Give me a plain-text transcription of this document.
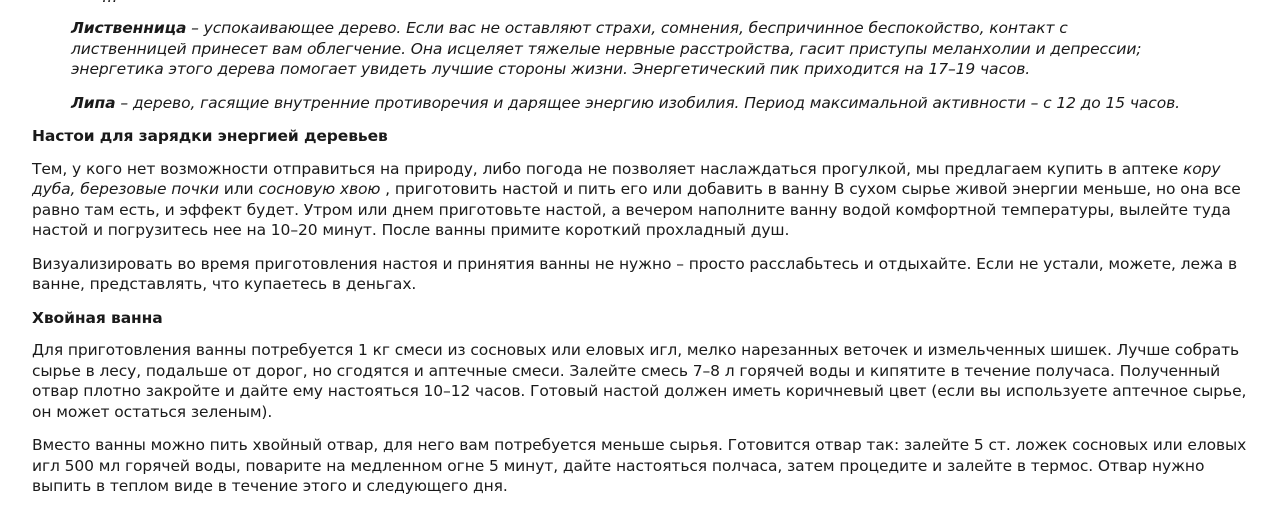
Лиственница – успокаивающее дерево. Если вас не оставляют страхи, сомнения, беспричинное беспокойство, контакт с лиственницей принесет вам облегчение. Она исцеляет тяжелые нервные расстройства, гасит приступы меланхолии и депрессии; энергетика этого дерева помогает увидеть лучшие стороны жизни. Энергетический пик приходится на 17–19 часов.

Липа – дерево, гасящие внутренние противоречия и дарящее энергию изобилия. Период максимальной активности – с 12 до 15 часов.

Настои для зарядки энергией деревьев

Тем, у кого нет возможности отправиться на природу, либо погода не позволяет наслаждаться прогулкой, мы предлагаем купить в аптеке кору дуба, березовые почки или сосновую хвою , приготовить настой и пить его или добавить в ванну В сухом сырье живой энергии меньше, но она все равно там есть, и эффект будет. Утром или днем приготовьте настой, а вечером наполните ванну водой комфортной температуры, вылейте туда настой и погрузитесь нее на 10–20 минут. После ванны примите короткий прохладный душ.

Визуализировать во время приготовления настоя и принятия ванны не нужно – просто расслабьтесь и отдыхайте. Если не устали, можете, лежа в ванне, представлять, что купаетесь в деньгах.

Хвойная ванна

Для приготовления ванны потребуется 1 кг смеси из сосновых или еловых игл, мелко нарезанных веточек и измельченных шишек. Лучше собрать сырье в лесу, подальше от дорог, но сгодятся и аптечные смеси. Залейте смесь 7–8 л горячей воды и кипятите в течение получаса. Полученный отвар плотно закройте и дайте ему настояться 10–12 часов. Готовый настой должен иметь коричневый цвет (если вы используете аптечное сырье, он может остаться зеленым).

Вместо ванны можно пить хвойный отвар, для него вам потребуется меньше сырья. Готовится отвар так: залейте 5 ст. ложек сосновых или еловых игл 500 мл горячей воды, поварите на медленном огне 5 минут, дайте настояться полчаса, затем процедите и залейте в термос. Отвар нужно выпить в теплом виде в течение этого и следующего дня.
